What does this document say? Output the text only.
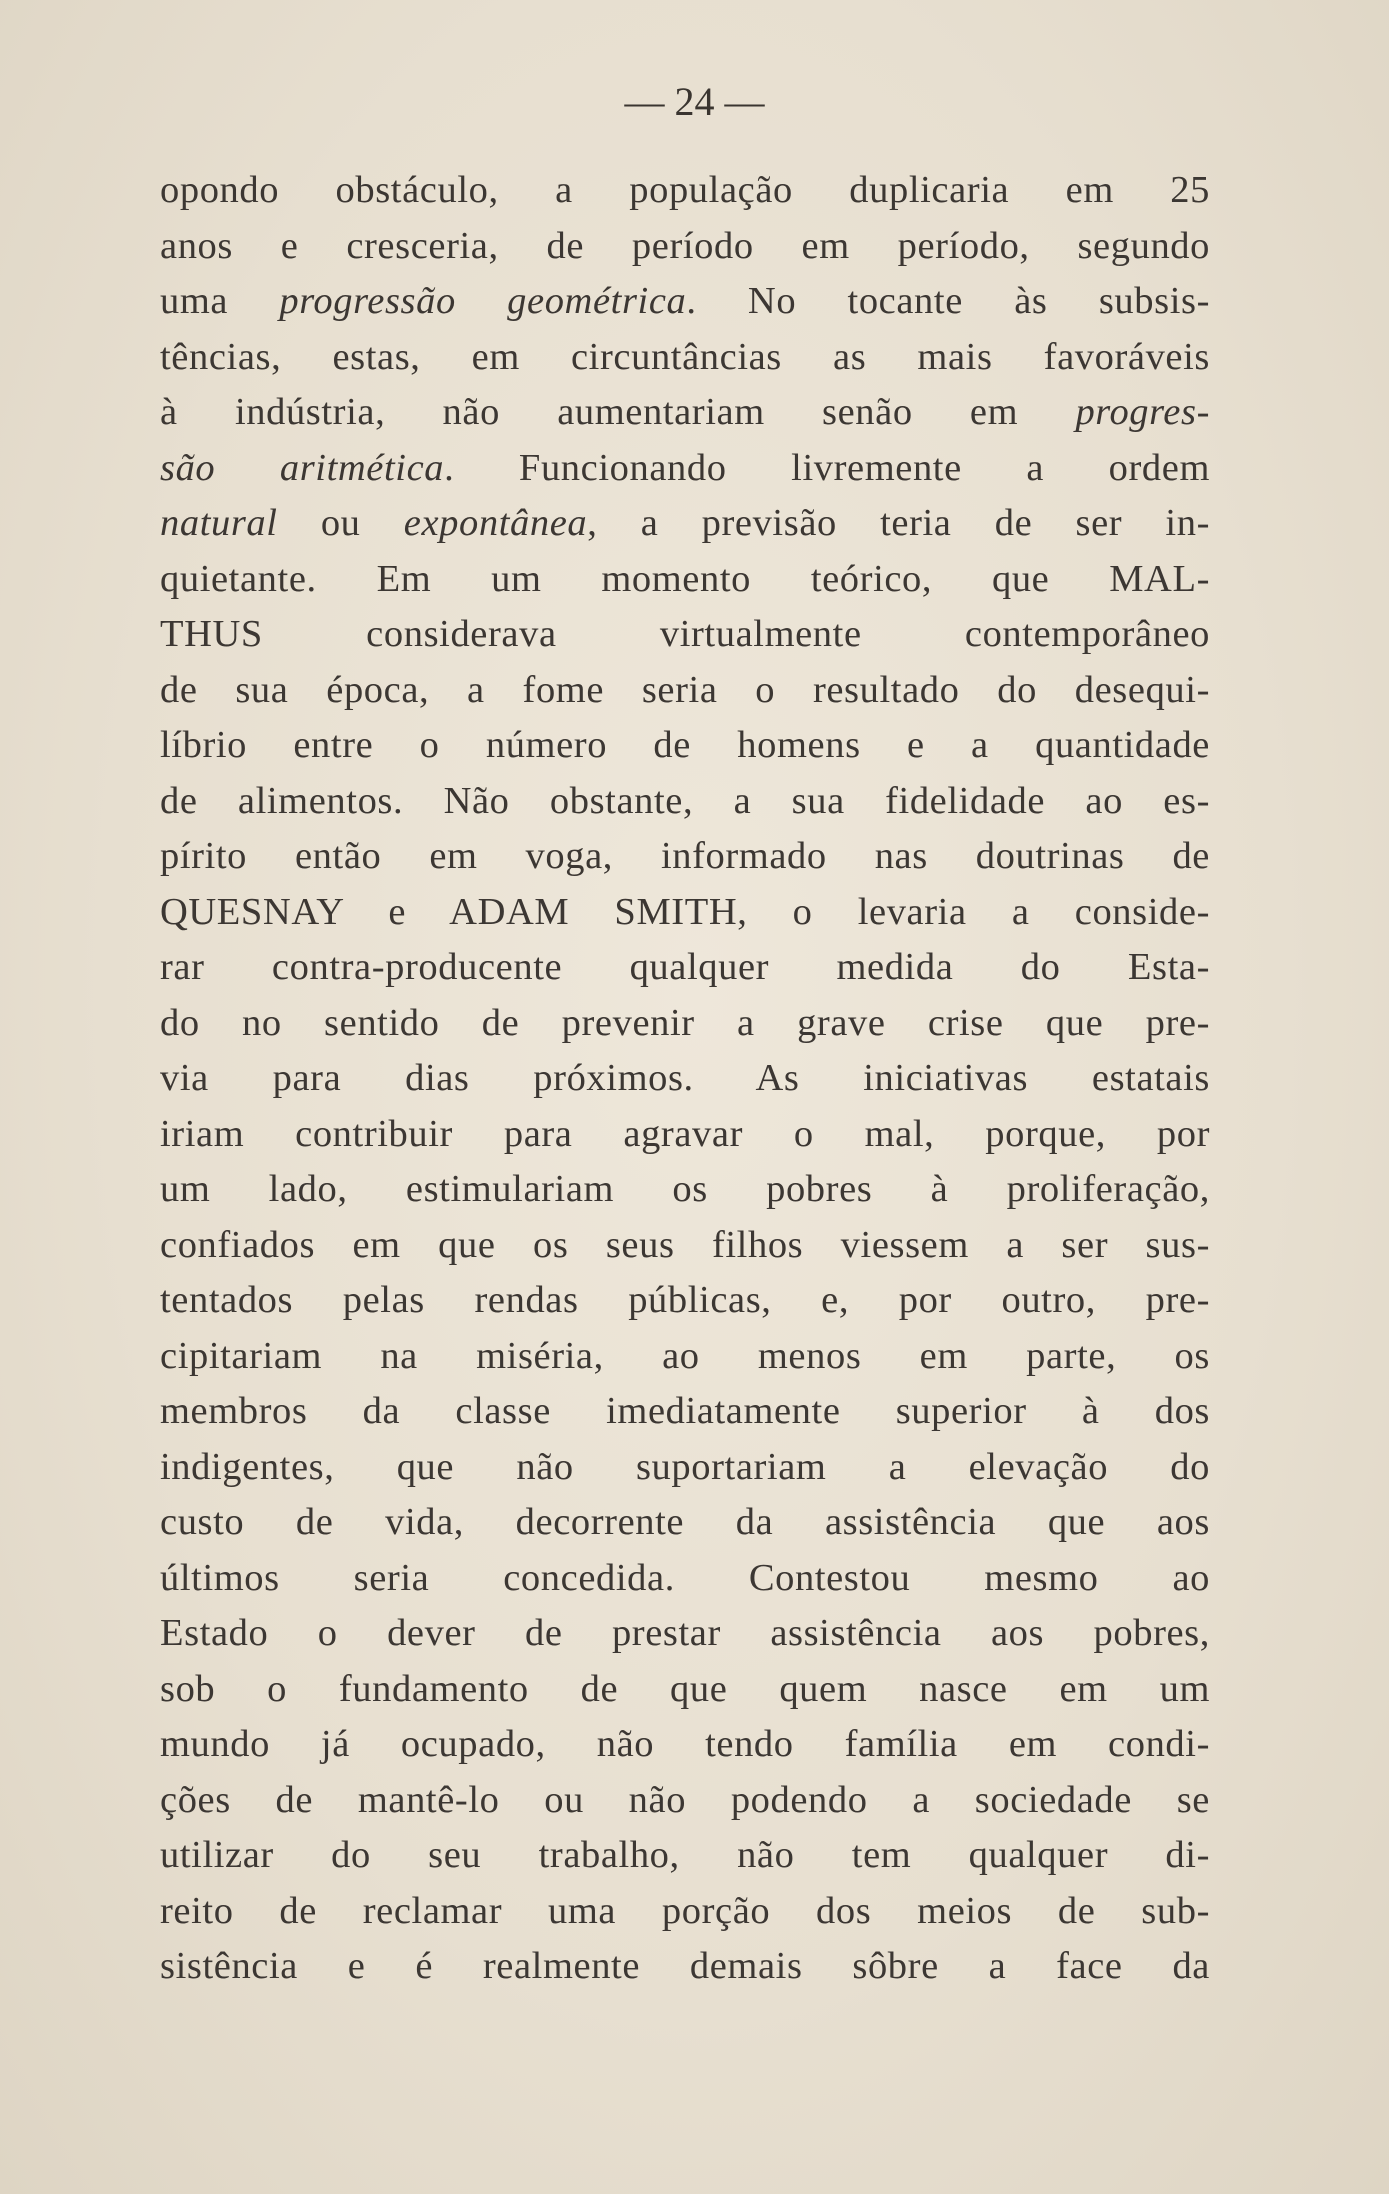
— 24 —
opondo obstáculo, a população duplicaria em 25
anos e cresceria, de período em período, segundo
uma progressão geométrica. No tocante às subsis-
tências, estas, em circuntâncias as mais favoráveis
à indústria, não aumentariam senão em progres-
são aritmética. Funcionando livremente a ordem
natural ou expontânea, a previsão teria de ser in-
quietante. Em um momento teórico, que MAL-
THUS considerava virtualmente contemporâneo
de sua época, a fome seria o resultado do desequi-
líbrio entre o número de homens e a quantidade
de alimentos. Não obstante, a sua fidelidade ao es-
pírito então em voga, informado nas doutrinas de
QUESNAY e ADAM SMITH, o levaria a conside-
rar contra-producente qualquer medida do Esta-
do no sentido de prevenir a grave crise que pre-
via para dias próximos. As iniciativas estatais
iriam contribuir para agravar o mal, porque, por
um lado, estimulariam os pobres à proliferação,
confiados em que os seus filhos viessem a ser sus-
tentados pelas rendas públicas, e, por outro, pre-
cipitariam na miséria, ao menos em parte, os
membros da classe imediatamente superior à dos
indigentes, que não suportariam a elevação do
custo de vida, decorrente da assistência que aos
últimos seria concedida. Contestou mesmo ao
Estado o dever de prestar assistência aos pobres,
sob o fundamento de que quem nasce em um
mundo já ocupado, não tendo família em condi-
ções de mantê-lo ou não podendo a sociedade se
utilizar do seu trabalho, não tem qualquer di-
reito de reclamar uma porção dos meios de sub-
sistência e é realmente demais sôbre a face da
